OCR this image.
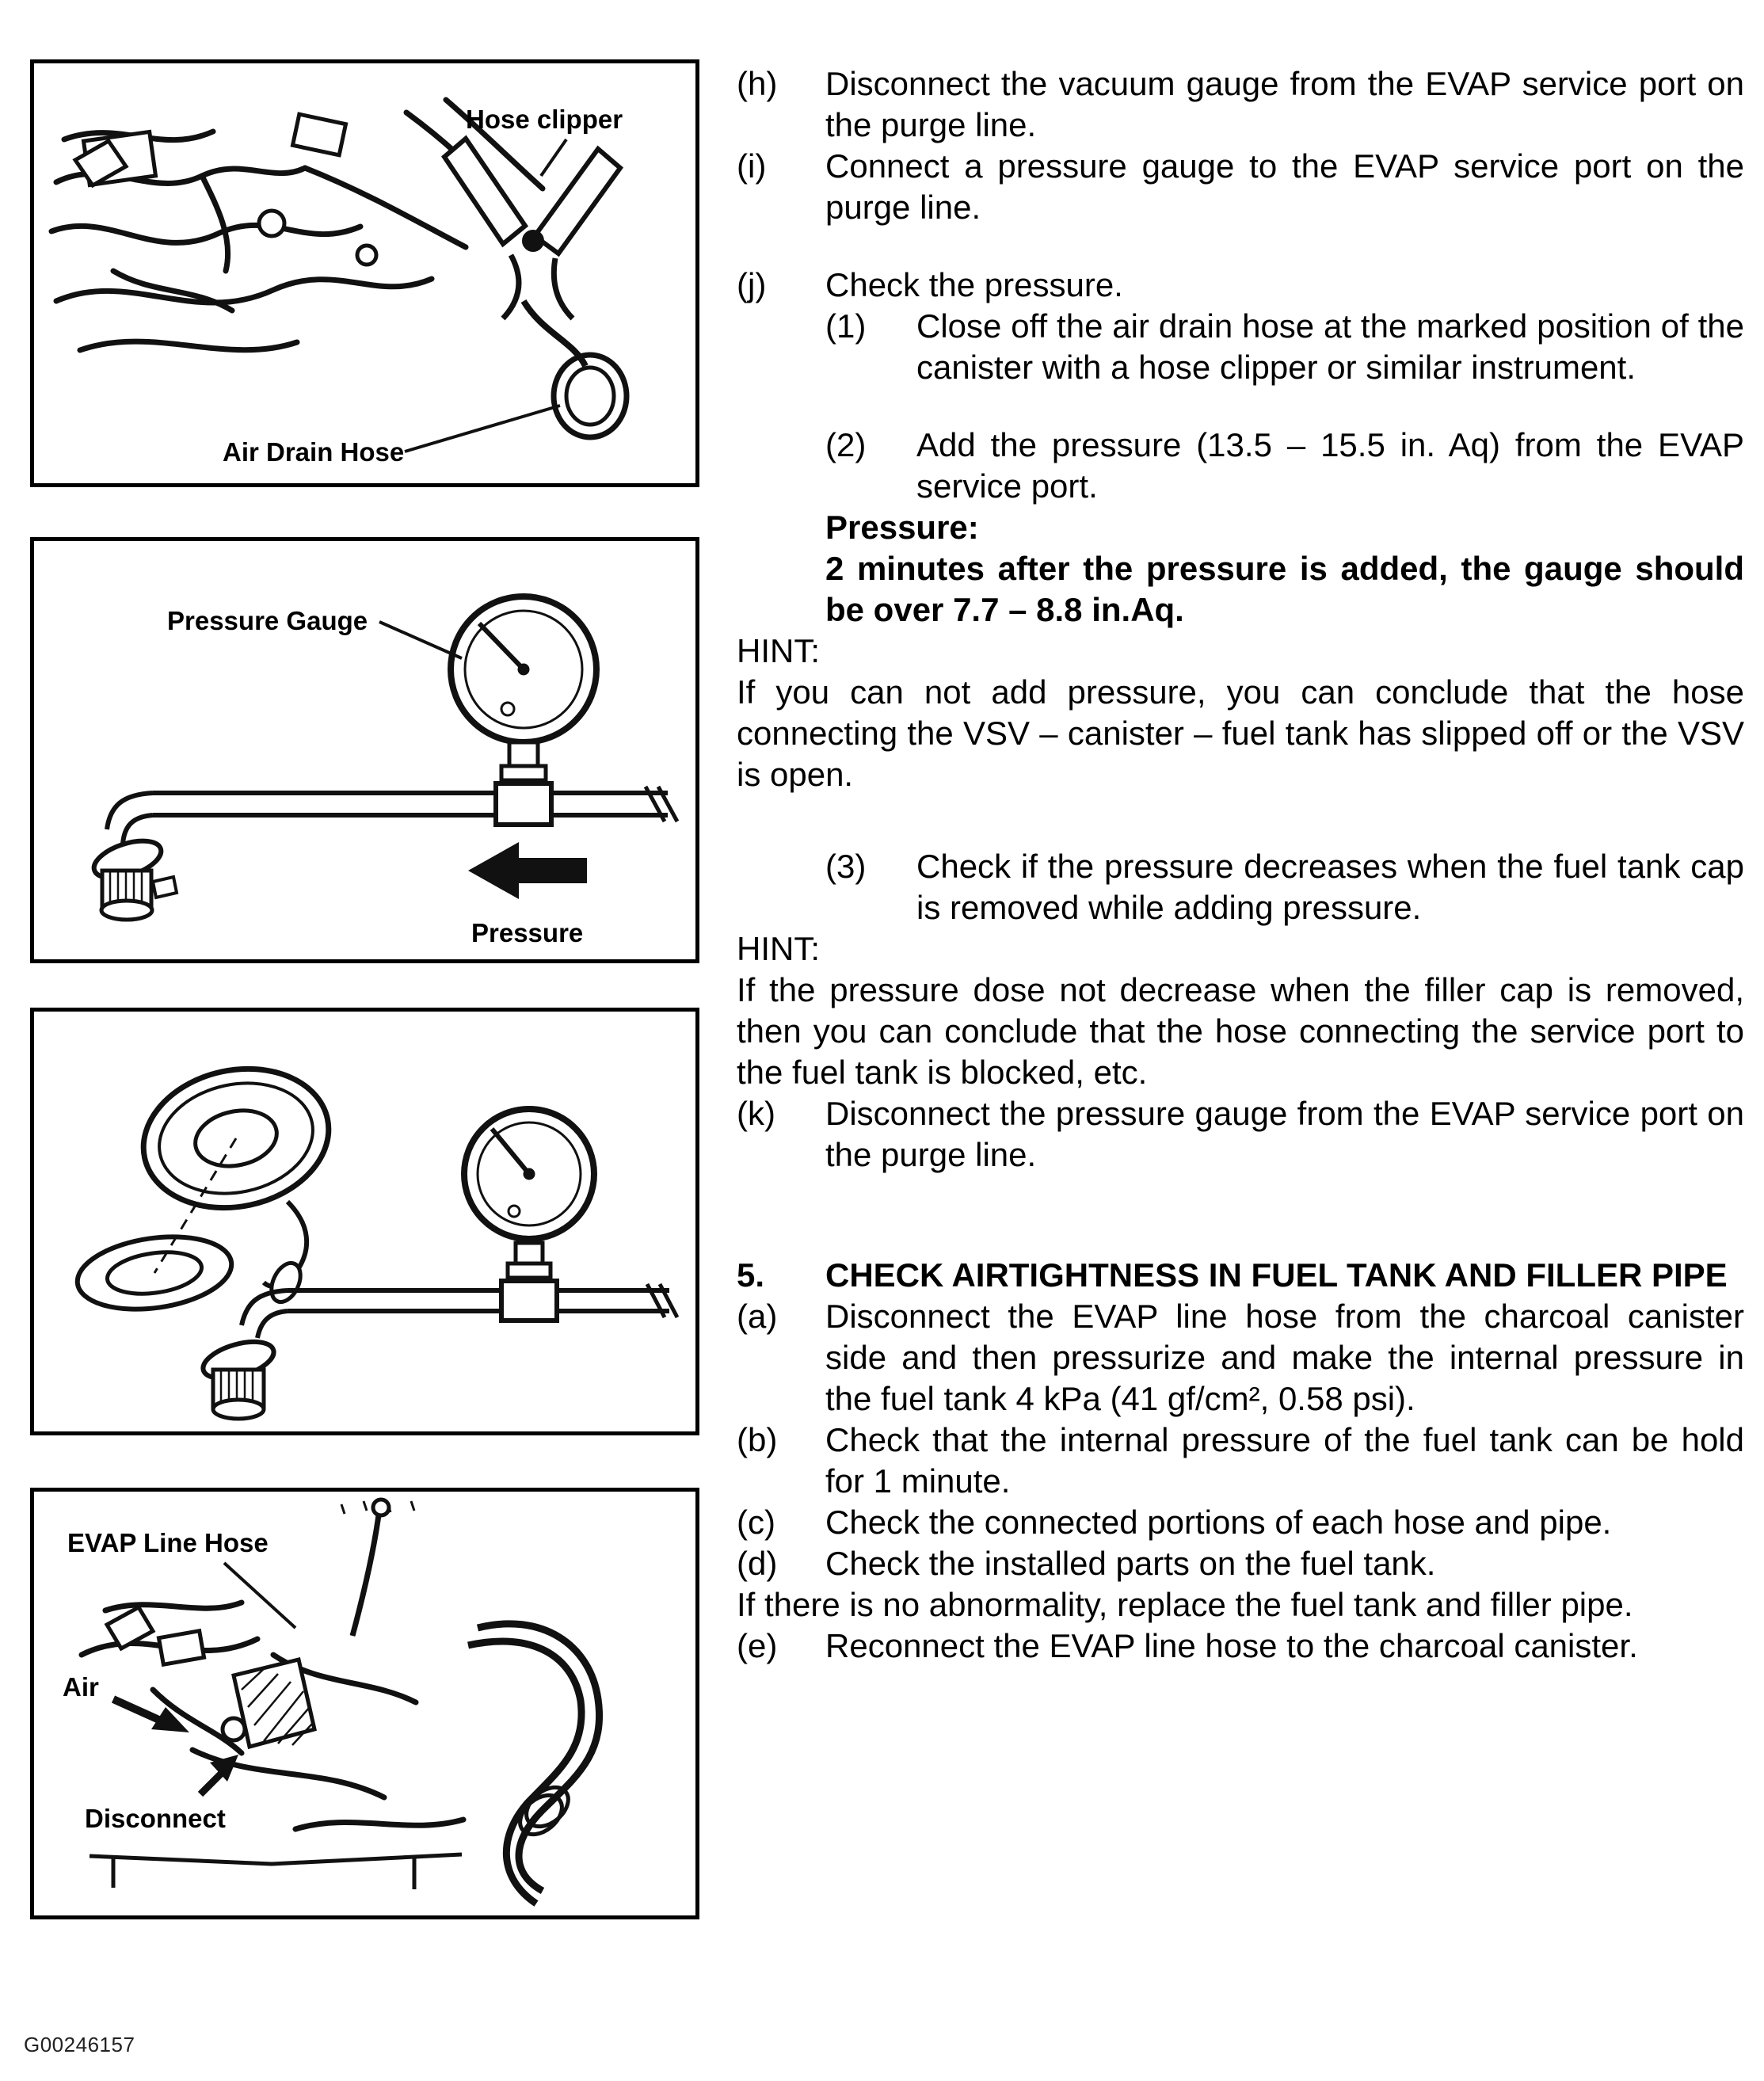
Hose clipper
Air Drain Hose
Pressure Gauge
Pressure
EVAP Line Hose
Air
Disconnect
(h)	Disconnect the vacuum gauge from the EVAP service port on the purge line.
(i)	Connect a pressure gauge to the EVAP service port on the purge line.
(j)	Check the pressure.
(1)	Close off the air drain hose at the marked position of the canister with a hose clipper or similar instrument.
(2)	Add the pressure (13.5 – 15.5 in. Aq) from the EVAP service port.
Pressure:
2 minutes after the pressure is added, the gauge should be over 7.7 – 8.8 in.Aq.
HINT:
If you can not add pressure, you can conclude that the hose connecting the VSV – canister – fuel tank has slipped off or the VSV is open.
(3)	Check if the pressure decreases when the fuel tank cap is removed while adding pressure.
HINT:
If the pressure dose not decrease when the filler cap is removed, then you can conclude that the hose connecting the service port to the fuel tank is blocked, etc.
(k)	Disconnect the pressure gauge from the EVAP service port on the purge line.
5.	CHECK AIRTIGHTNESS IN FUEL TANK AND FILLER PIPE
(a)	Disconnect the EVAP line hose from the charcoal canister side and then pressurize and make the internal pressure in the fuel tank 4 kPa (41 gf/cm², 0.58 psi).
(b)	Check that the internal pressure of the fuel tank can be hold for 1 minute.
(c)	Check the connected portions of each hose and pipe.
(d)	Check the installed parts on the fuel tank.
If there is no abnormality, replace the fuel tank and filler pipe.
(e)	Reconnect the EVAP line hose to the charcoal canister.
G00246157
